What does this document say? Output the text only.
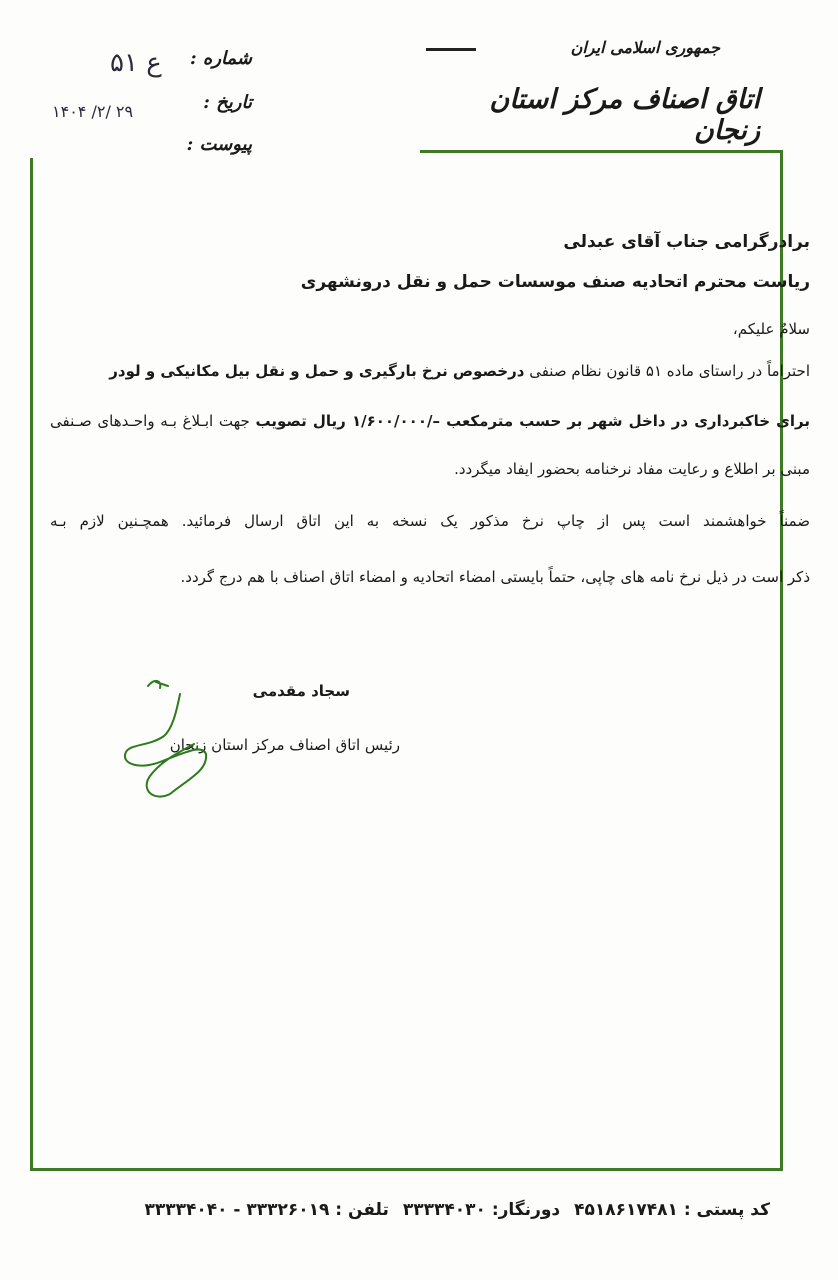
جمهوری اسلامی ایران
اتاق اصناف مرکز استان زنجان
شماره :
۵۱ ع
تاریخ :
۱۴۰۴ /۲/ ۲۹
پیوست :
برادرگرامی جناب آقای عبدلی
ریاست محترم اتحادیه صنف موسسات حمل و نقل درونشهری
سلامٌ علیکم،
احتراماً در راستای ماده ۵۱ قانون نظام صنفی درخصوص نرخ بارگیری و حمل و نقل بیل مکانیکی و لودر
برای خاکبرداری در داخل شهر بر حسب مترمکعب –/۱/۶۰۰/۰۰۰ ریال تصویب جهت ابـلاغ بـه واحـدهای صـنفی
مبنی بر اطلاع و رعایت مفاد نرخنامه بحضور ایفاد میگردد.
ضمناً خواهشمند است پس از چاپ نرخ مذکور یک نسخه به این اتاق ارسال فرمائید. همچـنین لازم بـه
ذکر است در ذیل نرخ نامه های چاپی، حتماً بایستی امضاء اتحادیه و امضاء اتاق اصناف با هم درج گردد.
سجاد مقدمی
رئیس اتاق اصناف مرکز استان زنجان
کد پستی : ۴۵۱۸۶۱۷۴۸۱دورنگار: ۳۳۳۳۴۰۳۰تلفن : ۳۳۳۲۶۰۱۹ - ۳۳۳۳۴۰۴۰
